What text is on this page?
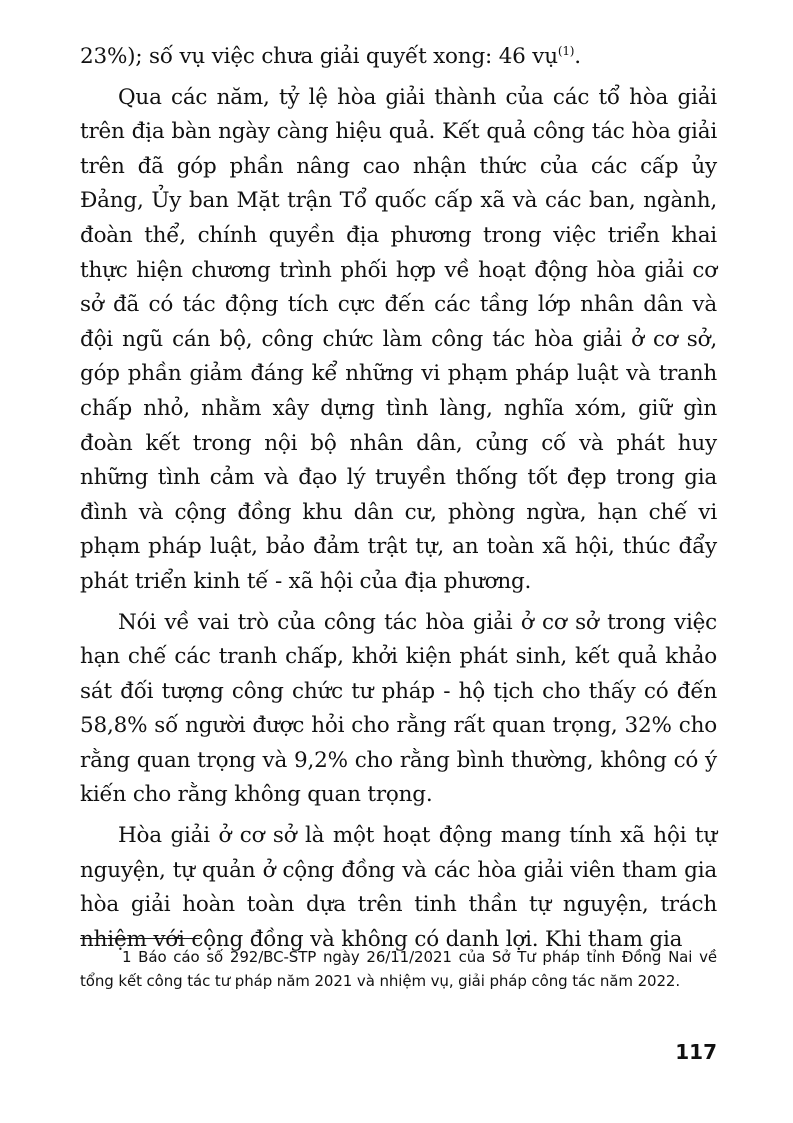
23%); số vụ việc chưa giải quyết xong: 46 vụ$^{(1)}$.

Qua các năm, tỷ lệ hòa giải thành của các tổ hòa giải trên địa bàn ngày càng hiệu quả. Kết quả công tác hòa giải trên đã góp phần nâng cao nhận thức của các cấp ủy Đảng, Ủy ban Mặt trận Tổ quốc cấp xã và các ban, ngành, đoàn thể, chính quyền địa phương trong việc triển khai thực hiện chương trình phối hợp về hoạt động hòa giải cơ sở đã có tác động tích cực đến các tầng lớp nhân dân và đội ngũ cán bộ, công chức làm công tác hòa giải ở cơ sở, góp phần giảm đáng kể những vi phạm pháp luật và tranh chấp nhỏ, nhằm xây dựng tình làng, nghĩa xóm, giữ gìn đoàn kết trong nội bộ nhân dân, củng cố và phát huy những tình cảm và đạo lý truyền thống tốt đẹp trong gia đình và cộng đồng khu dân cư, phòng ngừa, hạn chế vi phạm pháp luật, bảo đảm trật tự, an toàn xã hội, thúc đẩy phát triển kinh tế - xã hội của địa phương.

Nói về vai trò của công tác hòa giải ở cơ sở trong việc hạn chế các tranh chấp, khởi kiện phát sinh, kết quả khảo sát đối tượng công chức tư pháp - hộ tịch cho thấy có đến 58,8% số người được hỏi cho rằng rất quan trọng, 32% cho rằng quan trọng và 9,2% cho rằng bình thường, không có ý kiến cho rằng không quan trọng.

Hòa giải ở cơ sở là một hoạt động mang tính xã hội tự nguyện, tự quản ở cộng đồng và các hòa giải viên tham gia hòa giải hoàn toàn dựa trên tinh thần tự nguyện, trách nhiệm với cộng đồng và không có danh lợi. Khi tham gia

1 Báo cáo số 292/BC-STP ngày 26/11/2021 của Sở Tư pháp tỉnh Đồng Nai về tổng kết công tác tư pháp năm 2021 và nhiệm vụ, giải pháp công tác năm 2022.

117
